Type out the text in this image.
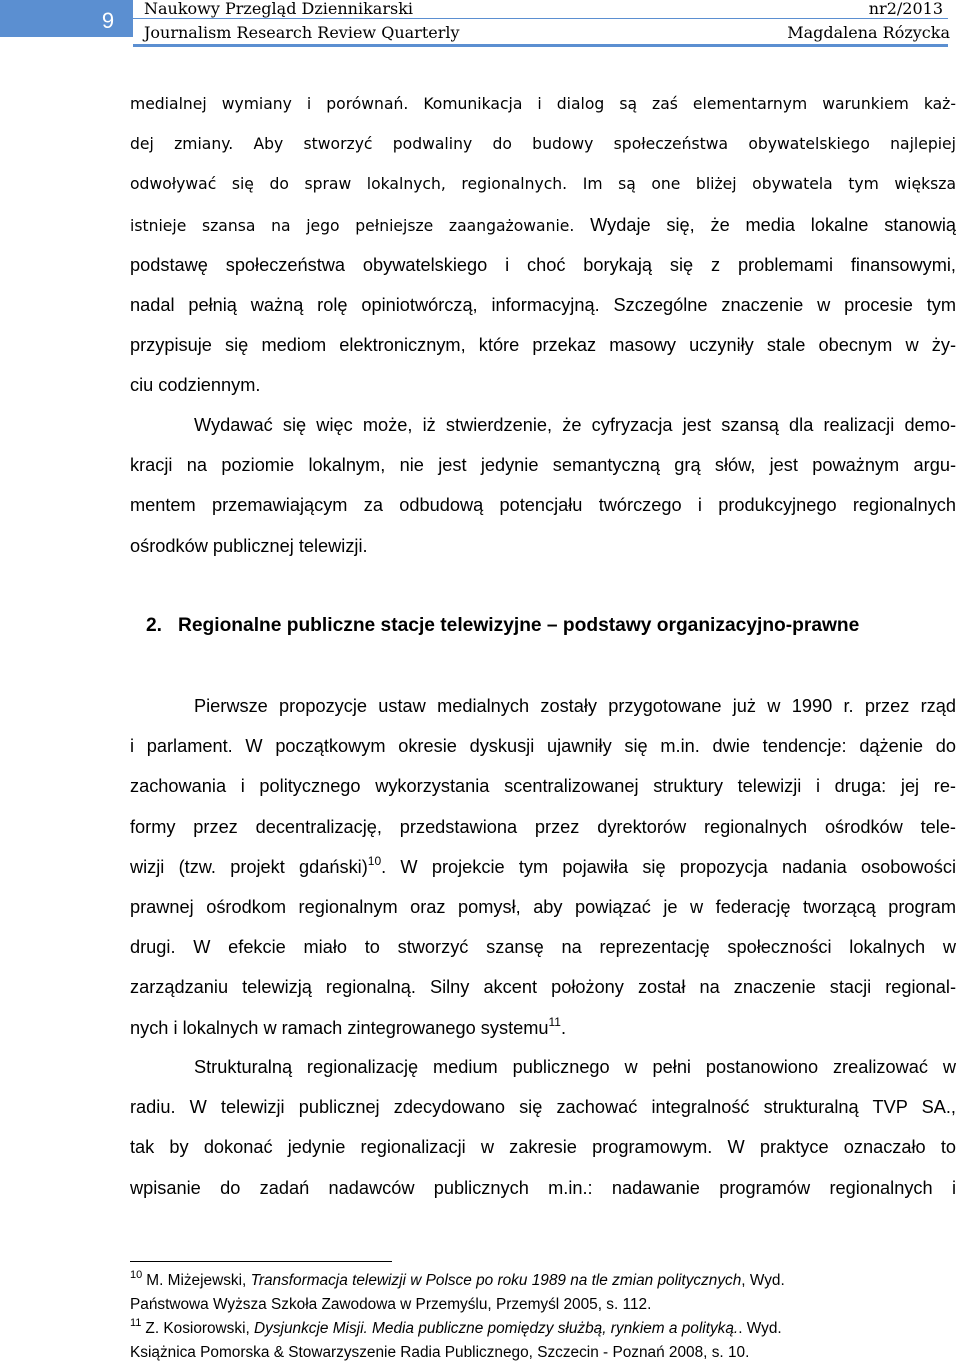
9	Naukowy Przegląd Dziennikarski
Journalism Research Review Quarterly
nr2/2013
Magdalena Rózycka
medialnej wymiany i porównań. Komunikacja i dialog są zaś elementarnym warunkiem każ-
dej zmiany. Aby stworzyć podwaliny do budowy społeczeństwa obywatelskiego najlepiej
odwoływać się do spraw lokalnych, regionalnych. Im są one bliżej obywatela tym większa
istnieje szansa na jego pełniejsze zaangażowanie. Wydaje się, że media lokalne stanowią
podstawę społeczeństwa obywatelskiego i choć borykają się z problemami finansowymi,
nadal pełnią ważną rolę opiniotwórczą, informacyjną. Szczególne znaczenie w procesie tym
przypisuje się mediom elektronicznym, które przekaz masowy uczyniły stale obecnym w ży-
ciu codziennym.
Wydawać się więc może, iż stwierdzenie, że cyfryzacja jest szansą dla realizacji demo-
kracji na poziomie lokalnym, nie jest jedynie semantyczną grą słów, jest poważnym argu-
mentem przemawiającym za odbudową potencjału twórczego i produkcyjnego regionalnych
ośrodków publicznej telewizji.
2. Regionalne publiczne stacje telewizyjne – podstawy organizacyjno-prawne
Pierwsze propozycje ustaw medialnych zostały przygotowane już w 1990 r. przez rząd
i parlament. W początkowym okresie dyskusji ujawniły się m.in. dwie tendencje: dążenie do
zachowania i politycznego wykorzystania scentralizowanej struktury telewizji i druga: jej re-
formy przez decentralizację, przedstawiona przez dyrektorów regionalnych ośrodków tele-
wizji (tzw. projekt gdański)$^{10}$. W projekcie tym pojawiła się propozycja nadania osobowości
prawnej ośrodkom regionalnym oraz pomysł, aby powiązać je w federację tworzącą program
drugi. W efekcie miało to stworzyć szansę na reprezentację społeczności lokalnych w
zarządzaniu telewizją regionalną. Silny akcent położony został na znaczenie stacji regional-
nych i lokalnych w ramach zintegrowanego systemu$^{11}$.
Strukturalną regionalizację medium publicznego w pełni postanowiono zrealizować w
radiu. W telewizji publicznej zdecydowano się zachować integralność strukturalną TVP SA.,
tak by dokonać jedynie regionalizacji w zakresie programowym. W praktyce oznaczało to
wpisanie do zadań nadawców publicznych m.in.: nadawanie programów regionalnych i
$^{10}$ M. Miżejewski, Transformacja telewizji w Polsce po roku 1989 na tle zmian politycznych, Wyd.
Państwowa Wyższa Szkoła Zawodowa w Przemyślu, Przemyśl 2005, s. 112.
$^{11}$ Z. Kosiorowski, Dysjunkcje Misji. Media publiczne pomiędzy służbą, rynkiem a polityką.. Wyd.
Książnica Pomorska & Stowarzyszenie Radia Publicznego, Szczecin - Poznań 2008, s. 10.
